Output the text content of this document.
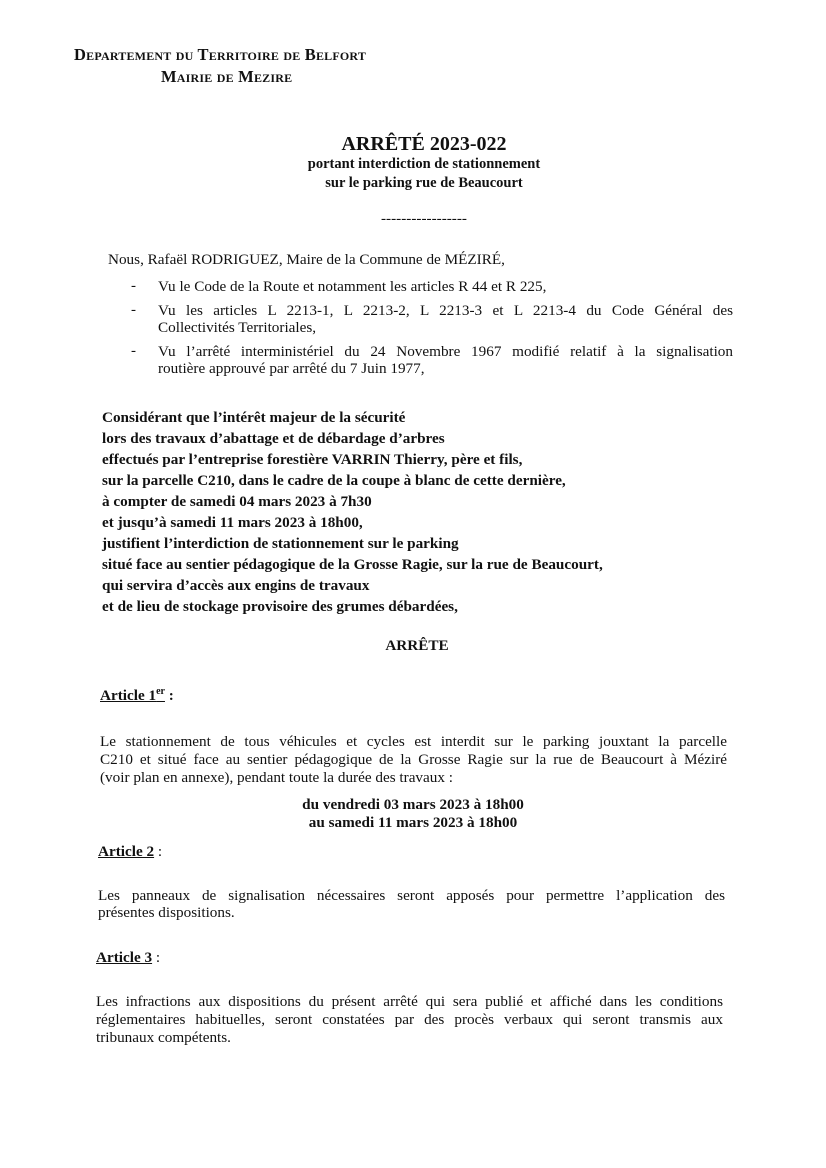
Departement du Territoire de Belfort
Mairie de Mezire
ARRÊTÉ 2023-022
portant interdiction de stationnement
sur le parking rue de Beaucourt
-----------------
Nous, Rafaël RODRIGUEZ, Maire de la Commune de MÉZIRÉ,
- Vu le Code de la Route et notamment les articles R 44 et R 225,
- Vu les articles L 2213-1, L 2213-2, L 2213-3 et L 2213-4 du Code Général des
Collectivités Territoriales,
- Vu l’arrêté interministériel du 24 Novembre 1967 modifié relatif à la signalisation
routière approuvé par arrêté du 7 Juin 1977,
Considérant que l’intérêt majeur de la sécurité
lors des travaux d’abattage et de débardage d’arbres
effectués par l’entreprise forestière VARRIN Thierry, père et fils,
sur la parcelle C210, dans le cadre de la coupe à blanc de cette dernière,
à compter de samedi 04 mars 2023 à 7h30
et jusqu’à samedi 11 mars 2023 à 18h00,
justifient l’interdiction de stationnement sur le parking
situé face au sentier pédagogique de la Grosse Ragie, sur la rue de Beaucourt,
qui servira d’accès aux engins de travaux
et de lieu de stockage provisoire des grumes débardées,
ARRÊTE
Article 1er :
Le stationnement de tous véhicules et cycles est interdit sur le parking jouxtant la parcelle
C210 et situé face au sentier pédagogique de la Grosse Ragie sur la rue de Beaucourt à Méziré
(voir plan en annexe), pendant toute la durée des travaux :
du vendredi 03 mars 2023 à 18h00
au samedi 11 mars 2023 à 18h00
Article 2 :
Les panneaux de signalisation nécessaires seront apposés pour permettre l’application des
présentes dispositions.
Article 3 :
Les infractions aux dispositions du présent arrêté qui sera publié et affiché dans les conditions
réglementaires habituelles, seront constatées par des procès verbaux qui seront transmis aux
tribunaux compétents.
